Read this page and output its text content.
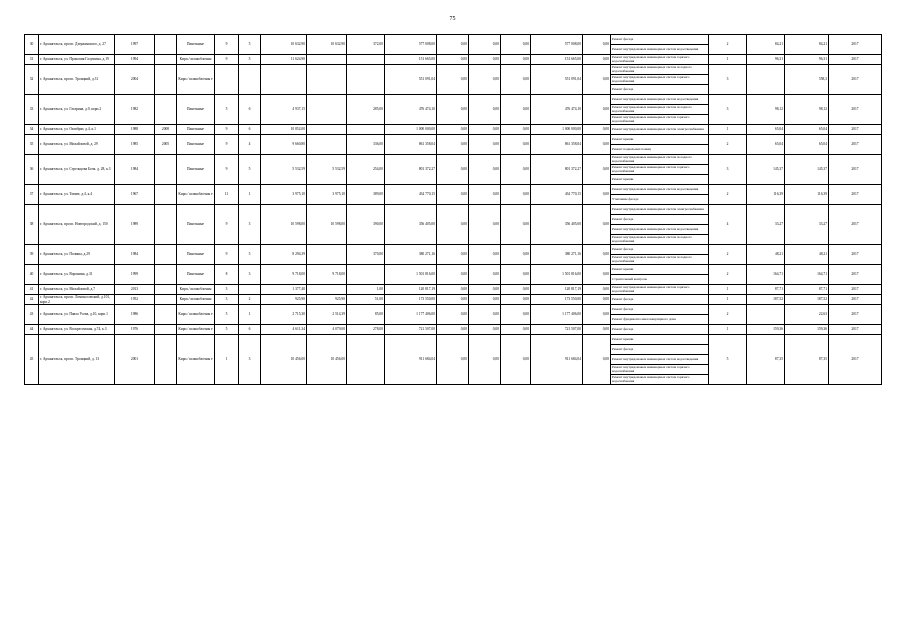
75
30	г. Архангельск, просп. Дзержинского, д. 27	1997		Панельные	9	5	10 632,90	10 632,90	372,00	577 008,00	0,00	0,00	0,00	577 008,00	0,00	Ремонт фасада	2	84,21	84,21	2017
																Ремонт внутридомовых инженерных систем водоотведения				
31	г. Архангельск, ул. Прокопия Галушина, д.19	1994		Кирп./ шлакоблочны	9	5	11 624,90			151 665,00	0,00	0,00	0,00	151 665,00	0,00	Ремонт внутридомовых инженерных систем горячего водоснабжения	1	96,31	96,31	2017
32	г. Архангельск, просп. Троицкий, д.31	2004		Кирп./ шлакоблочны е						551 091,04	0,00	0,00	0,00	551 091,04	0,00	Ремонт внутридомовых инженерных систем холодного водоснабжения	3		558,3	2017
																Ремонт внутридомовых инженерных систем горячего водоснабжения				
																Ремонт фасада				
33	г. Архангельск, ул. Гагарина, д.9, корп.2	1982		Панельные	5	6	4 937,15		285,00	476 474,10	0,00	0,00	0,00	476 474,10	0,00	Ремонт внутридомовых инженерных систем водоотведения	3	98,12	98,12	2017
																Ремонт внутридомовых инженерных систем холодного водоснабжения				
																Ремонт внутридомовых инженерных систем горячего водоснабжения				
34	г. Архангельск, ул. Октябрят, д.4, к.1	1988	2008	Панельные	9	6	10 852,00			1 000 000,00	0,00	0,00	0,00	1 000 000,00	0,00	Ремонт внутридомовых инженерных систем электроснабжения	1	65,04	65,04	2017
35	г. Архангельск, ул. Михайловой, д. 29	1985	2005	Панельные	9	4	9 660,80		336,00	861 358,04	0,00	0,00	0,00	861 358,04	0,00	Ремонт крыши	2	65,04	65,04	2017
																Ремонт подвальных помещ				
36	г. Архангельск, ул. Стрельцова Бочк. д. 28, к.3	1984		Панельные	9	5	5 532,59	5 532,59	254,00	801 372,27	0,00	0,00	0,00	801 372,27	0,00	Ремонт внутридомовых инженерных систем холодного водоснабжения	3	145,37	145,37	2017
																Ремонт внутридомовых инженерных систем горячего водоснабжения				
																Ремонт крыши				
37	г. Архангельск, ул. Тимме, д.4, к.4	1967		Кирп./ шлакоблочны е	11	1	3 975,10	3 975,10	389,00	434 770,15	0,00	0,00	0,00	434 770,15	0,00	Ремонт внутридомовых инженерных систем водоотведения	2	116,39	116,39	2017
																Утепление фасада				
38	г. Архангельск, просп. Новгородский, д. 150	1989		Панельные	9	3	10 598,00	10 598,00	390,00	356 405,00	0,00	0,00	0,00	356 405,00	0,00	Ремонт внутридомовых инженерных систем электроснабжения	4	33,27	33,27	2017
																Ремонт фасада				
																Ремонт внутридомовых инженерных систем водоотведения				
																Ремонт внутридомовых инженерных систем холодного водоснабжения				
39	г. Архангельск, ул. Полины, д.29	1984		Панельные	9	5	8 294,39		370,00	380 271,16	0,00	0,00	0,00	380 271,16	0,00	Ремонт фасада	2	48,21	48,21	2017
																Ремонт внутридомовых инженерных систем холодного водоснабжения				
40	г. Архангельск, ул. Воронина, д.31	1999		Панельные	8	3	9 718,00	9 718,00		1 501 816,00	0,00	0,00	0,00	1 501 816,00	0,00	Ремонт крыши	2	164,71	164,71	2017
																Строительный контроль				
41	г. Архангельск, ул. Михайловой, д.7	2013		Кирп./ шлакоблочны	3		1 377,40		1,00	120 817,19	0,00	0,00	0,00	120 817,19	0,00	Ремонт внутридомовых инженерных систем горячего водоснабжения	1	87,71	87,71	2017
42	г. Архангельск, просп. Ломоносовский, д.101, корп.2	1952		Кирп./ шлакоблочны	3	2	925,90	925,90	51,00	173 550,00	0,00	0,00	0,00	173 550,00	0,00	Ремонт фасада	1	187,52	187,52	2017
43	г. Архангельск, ул. Павла Усова, д.10, корп.1	1986		Кирп./ шлакоблочны е	5	1	2 715,30	2 514,39	85,00	1 177 406,00	0,00	0,00	0,00	1 177 406,00	0,00	Ремонт фасада	2		22,63	2017
																Ремонт фундамента многоквартирного дома				
44	г. Архангельск, ул. Воскресенская, д.74, к.3	1976		Кирп./ шлакоблочны е	5	6	4 611,34	4 079,00	278,00	721 507,00	0,00	0,00	0,00	721 507,00	0,00	Ремонт фасада	1	159,36	159,36	2017
45	г. Архангельск, просп. Троицкий, д. 13	2001		Кирп./ шлакоблочны е	1	3	10 456,00	10 456,00		911 684,04	0,00	0,00	0,00	911 684,04	0,00	Ремонт крыши	5	87,35	87,35	2017
																Ремонт фасада				
																Ремонт внутридомовых инженерных систем водоотведения				
																Ремонт внутридомовых инженерных систем горячего водоснабжения				
																Ремонт внутридомовых инженерных систем горячего водоснабжения				
